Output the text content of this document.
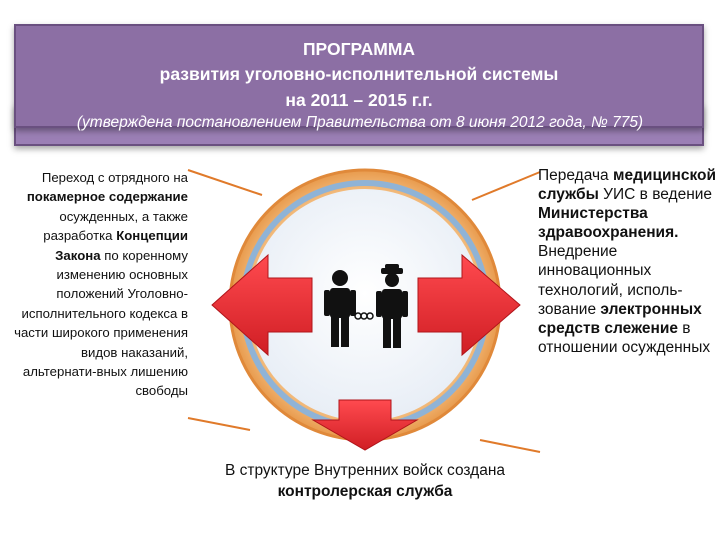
ПРОГРАММА
развития уголовно-исполнительной системы
на 2011 – 2015 г.г.
(утверждена постановлением Правительства от 8 июня 2012 года, № 775)
Переход с отрядного на покамерное содержание осужденных, а также разработка Концепции Закона по коренному изменению основных положений Уголовно-исполнительного кодекса в части широкого применения видов наказаний, альтернати-вных лишению свободы
Передача медицинской службы УИС в ведение Министерства здравоохранения. Внедрение инновационных технологий, исполь-зование электронных средств слежение в отношении осужденных
В структуре Внутренних войск создана контролерская служба
